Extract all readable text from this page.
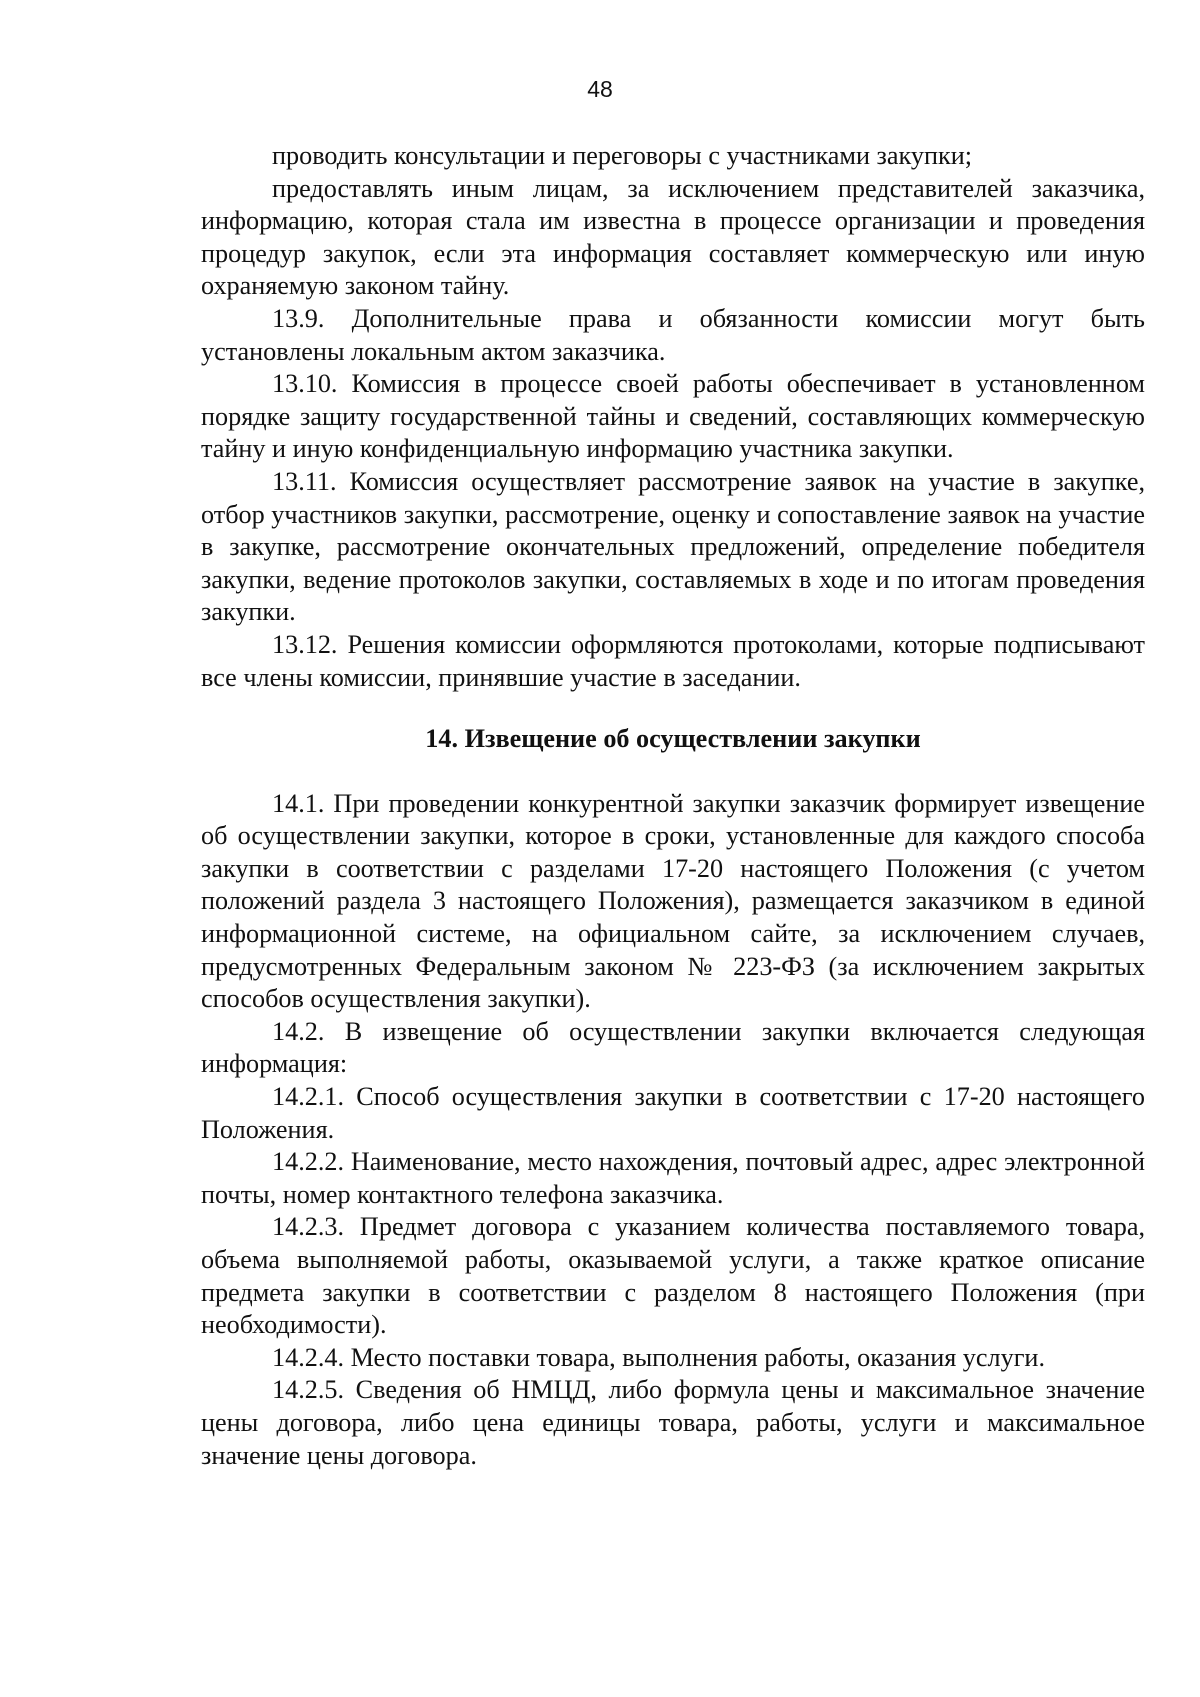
48

проводить консультации и переговоры с участниками закупки;

предоставлять иным лицам, за исключением представителей заказчика, информацию, которая стала им известна в процессе организации и проведения процедур закупок, если эта информация составляет коммерческую или иную охраняемую законом тайну.

13.9. Дополнительные права и обязанности комиссии могут быть установлены локальным актом заказчика.

13.10. Комиссия в процессе своей работы обеспечивает в установленном порядке защиту государственной тайны и сведений, составляющих коммерческую тайну и иную конфиденциальную информацию участника закупки.

13.11. Комиссия осуществляет рассмотрение заявок на участие в закупке, отбор участников закупки, рассмотрение, оценку и сопоставление заявок на участие в закупке, рассмотрение окончательных предложений, определение победителя закупки, ведение протоколов закупки, составляемых в ходе и по итогам проведения закупки.

13.12. Решения комиссии оформляются протоколами, которые подписывают все члены комиссии, принявшие участие в заседании.

14. Извещение об осуществлении закупки

14.1. При проведении конкурентной закупки заказчик формирует извещение об осуществлении закупки, которое в сроки, установленные для каждого способа закупки в соответствии с разделами 17-20 настоящего Положения (с учетом положений раздела 3 настоящего Положения), размещается заказчиком в единой информационной системе, на официальном сайте, за исключением случаев, предусмотренных Федеральным законом № 223-ФЗ (за исключением закрытых способов осуществления закупки).

14.2. В извещение об осуществлении закупки включается следующая информация:

14.2.1. Способ осуществления закупки в соответствии с 17-20 настоящего Положения.

14.2.2. Наименование, место нахождения, почтовый адрес, адрес электронной почты, номер контактного телефона заказчика.

14.2.3. Предмет договора с указанием количества поставляемого товара, объема выполняемой работы, оказываемой услуги, а также краткое описание предмета закупки в соответствии с разделом 8 настоящего Положения (при необходимости).

14.2.4. Место поставки товара, выполнения работы, оказания услуги.

14.2.5. Сведения об НМЦД, либо формула цены и максимальное значение цены договора, либо цена единицы товара, работы, услуги и максимальное значение цены договора.
